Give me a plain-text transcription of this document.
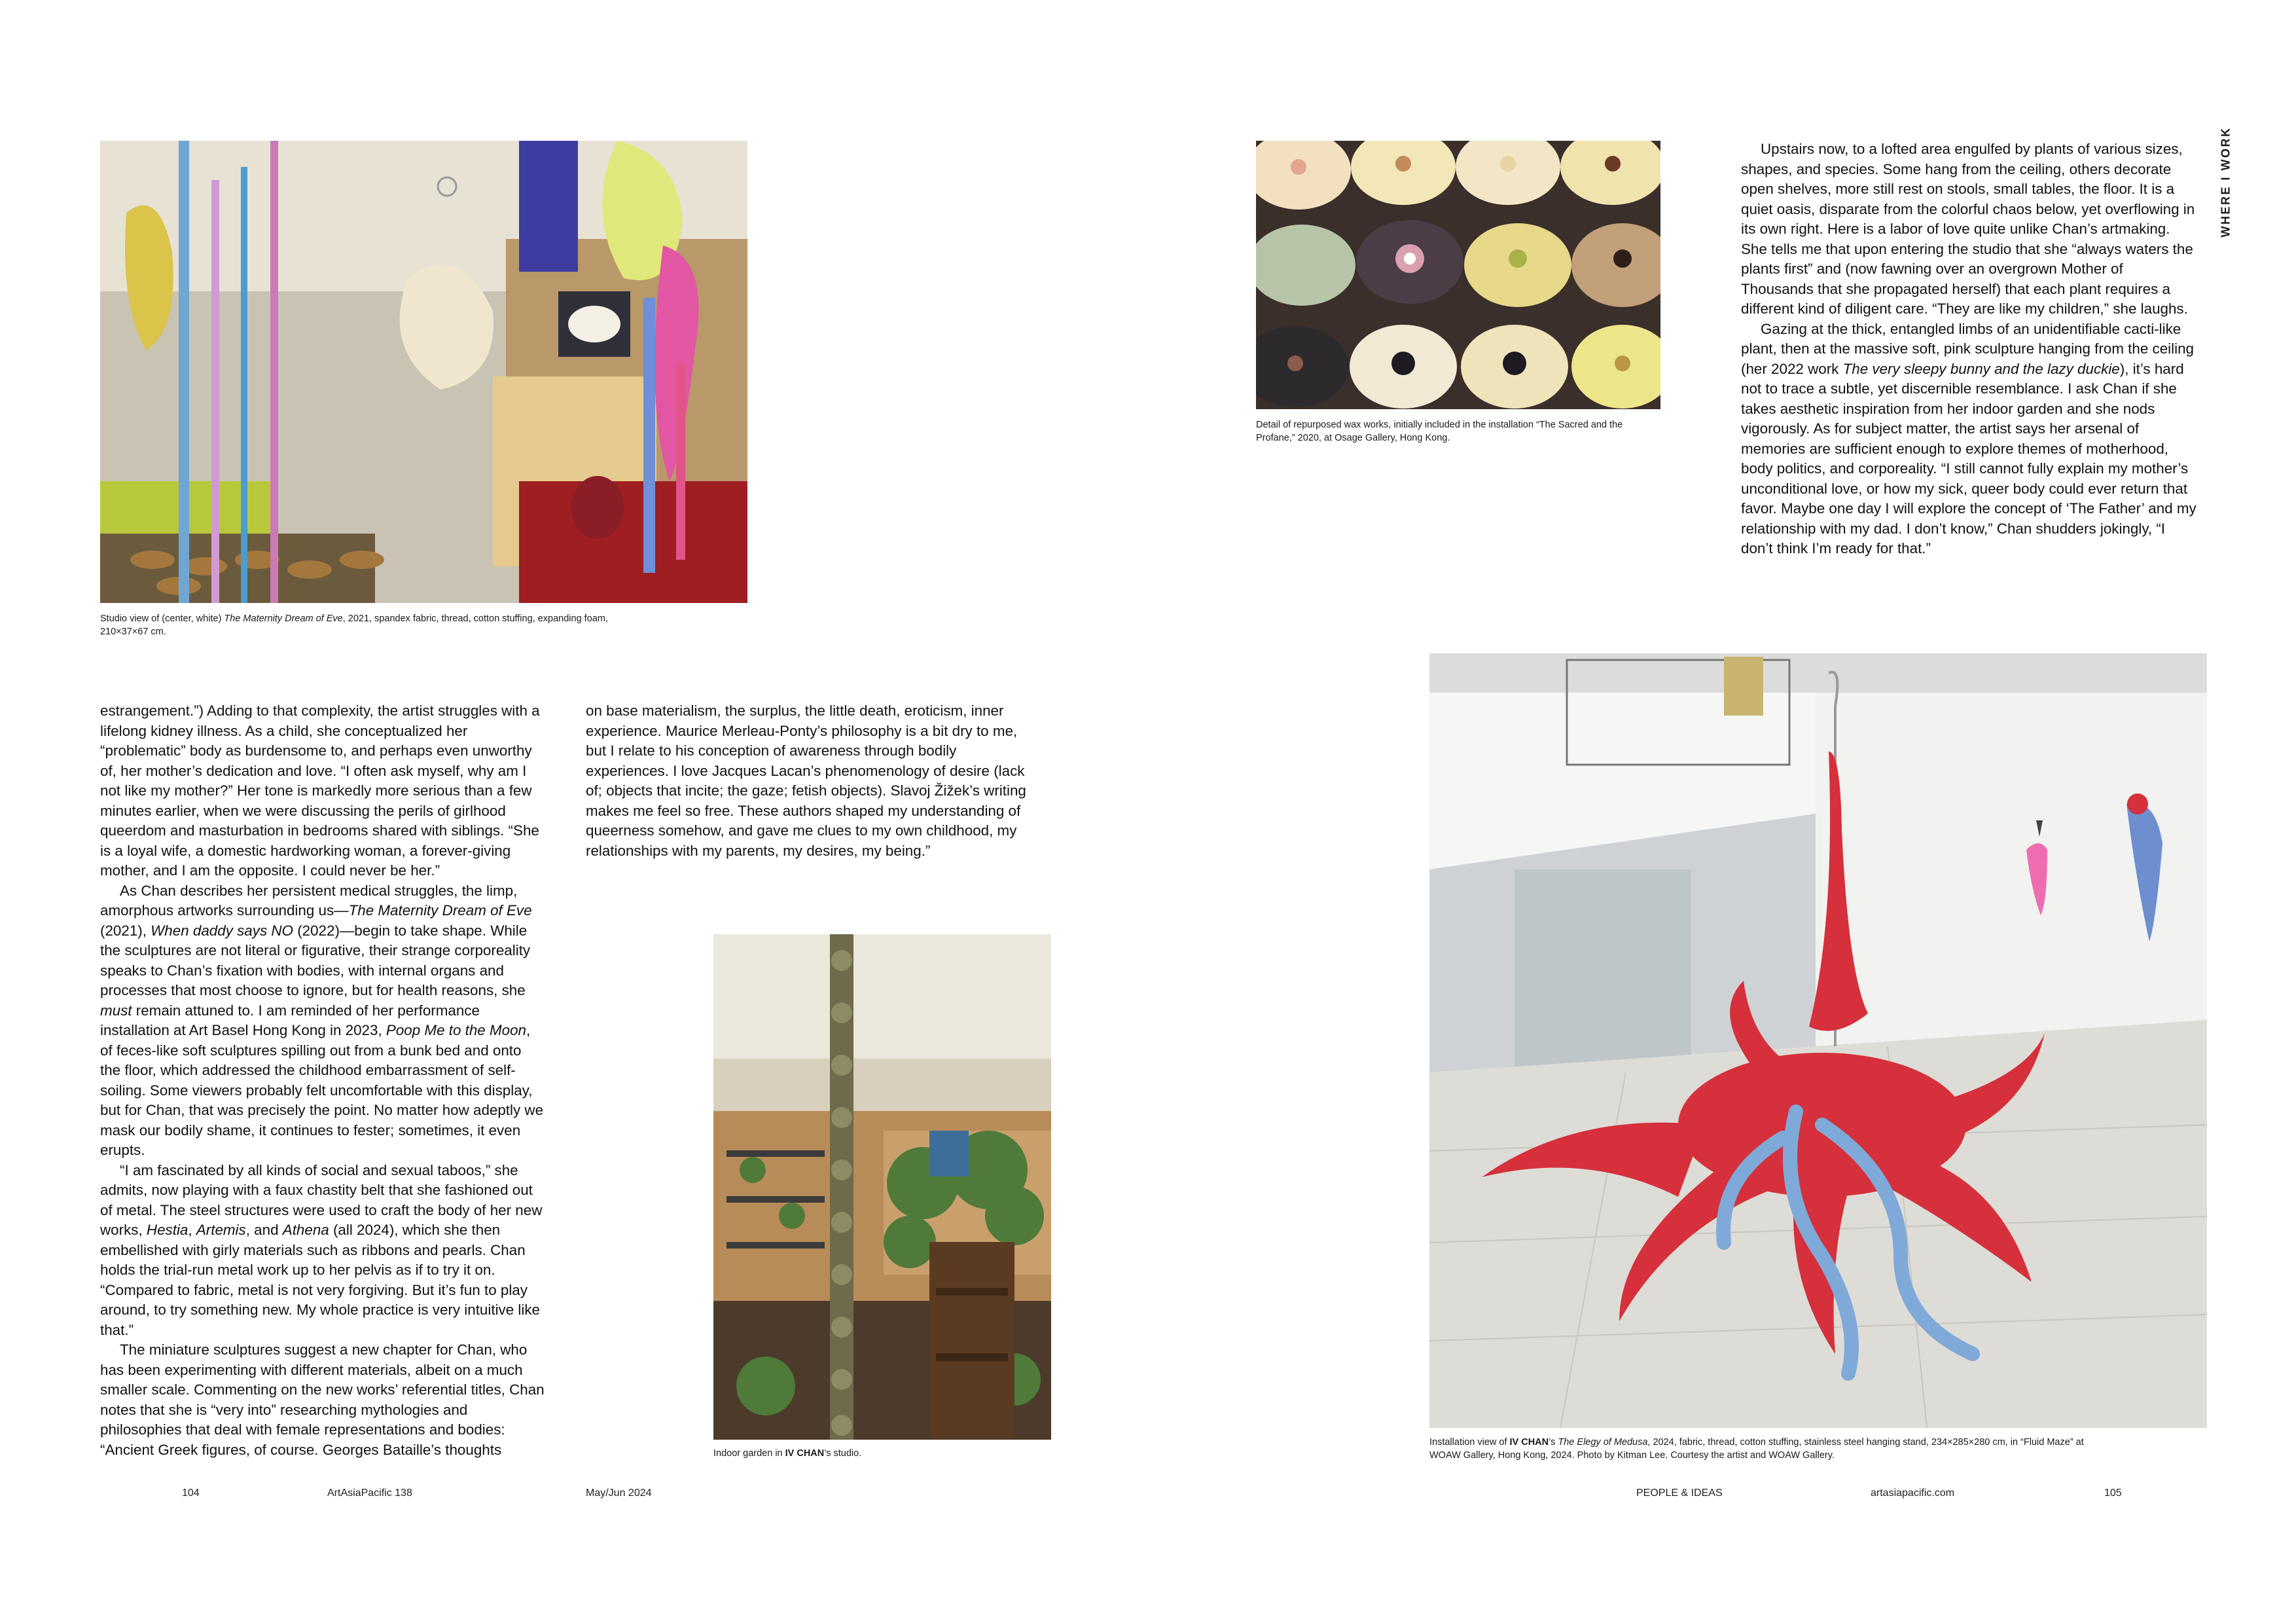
WHERE I WORK

Studio view of (center, white) The Maternity Dream of Eve, 2021, spandex fabric, thread, cotton stuffing, expanding foam,
210×37×67 cm.

estrangement.”) Adding to that complexity, the artist struggles with a lifelong kidney illness. As a child, she conceptualized her “problematic” body as burdensome to, and perhaps even unworthy of, her mother’s dedication and love. “I often ask myself, why am I not like my mother?” Her tone is markedly more serious than a few minutes earlier, when we were discussing the perils of girlhood queerdom and masturbation in bedrooms shared with siblings. “She is a loyal wife, a domestic hardworking woman, a forever-giving mother, and I am the opposite. I could never be her.”

As Chan describes her persistent medical struggles, the limp, amorphous artworks surrounding us—The Maternity Dream of Eve (2021), When daddy says NO (2022)—begin to take shape. While the sculptures are not literal or figurative, their strange corporeality speaks to Chan’s fixation with bodies, with internal organs and processes that most choose to ignore, but for health reasons, she must remain attuned to. I am reminded of her performance installation at Art Basel Hong Kong in 2023, Poop Me to the Moon, of feces-like soft sculptures spilling out from a bunk bed and onto the floor, which addressed the childhood embarrassment of self-soiling. Some viewers probably felt uncomfortable with this display, but for Chan, that was precisely the point. No matter how adeptly we mask our bodily shame, it continues to fester; sometimes, it even erupts.

“I am fascinated by all kinds of social and sexual taboos,” she admits, now playing with a faux chastity belt that she fashioned out of metal. The steel structures were used to craft the body of her new works, Hestia, Artemis, and Athena (all 2024), which she then embellished with girly materials such as ribbons and pearls. Chan holds the trial-run metal work up to her pelvis as if to try it on. “Compared to fabric, metal is not very forgiving. But it’s fun to play around, to try something new. My whole practice is very intuitive like that.”

The miniature sculptures suggest a new chapter for Chan, who has been experimenting with different materials, albeit on a much smaller scale. Commenting on the new works’ referential titles, Chan notes that she is “very into” researching mythologies and philosophies that deal with female representations and bodies: “Ancient Greek figures, of course. Georges Bataille’s thoughts

on base materialism, the surplus, the little death, eroticism, inner experience. Maurice Merleau-Ponty’s philosophy is a bit dry to me, but I relate to his conception of awareness through bodily experiences. I love Jacques Lacan’s phenomenology of desire (lack of; objects that incite; the gaze; fetish objects). Slavoj Žižek’s writing makes me feel so free. These authors shaped my understanding of queerness somehow, and gave me clues to my own childhood, my relationships with my parents, my desires, my being.”

Indoor garden in IV CHAN’s studio.

104	ArtAsiaPacific 138	May/Jun 2024

Detail of repurposed wax works, initially included in the installation “The Sacred and the Profane,” 2020, at Osage Gallery, Hong Kong.

Upstairs now, to a lofted area engulfed by plants of various sizes, shapes, and species. Some hang from the ceiling, others decorate open shelves, more still rest on stools, small tables, the floor. It is a quiet oasis, disparate from the colorful chaos below, yet overflowing in its own right. Here is a labor of love quite unlike Chan’s artmaking. She tells me that upon entering the studio that she “always waters the plants first” and (now fawning over an overgrown Mother of Thousands that she propagated herself) that each plant requires a different kind of diligent care. “They are like my children,” she laughs.

Gazing at the thick, entangled limbs of an unidentifiable cacti-like plant, then at the massive soft, pink sculpture hanging from the ceiling (her 2022 work The very sleepy bunny and the lazy duckie), it’s hard not to trace a subtle, yet discernible resemblance. I ask Chan if she takes aesthetic inspiration from her indoor garden and she nods vigorously. As for subject matter, the artist says her arsenal of memories are sufficient enough to explore themes of motherhood, body politics, and corporeality. “I still cannot fully explain my mother’s unconditional love, or how my sick, queer body could ever return that favor. Maybe one day I will explore the concept of ‘The Father’ and my relationship with my dad. I don’t know,” Chan shudders jokingly, “I don’t think I’m ready for that.”

Installation view of IV CHAN’s The Elegy of Medusa, 2024, fabric, thread, cotton stuffing, stainless steel hanging stand, 234×285×280 cm, in “Fluid Maze” at
WOAW Gallery, Hong Kong, 2024. Photo by Kitman Lee. Courtesy the artist and WOAW Gallery.

PEOPLE & IDEAS	artasiapacific.com	105
